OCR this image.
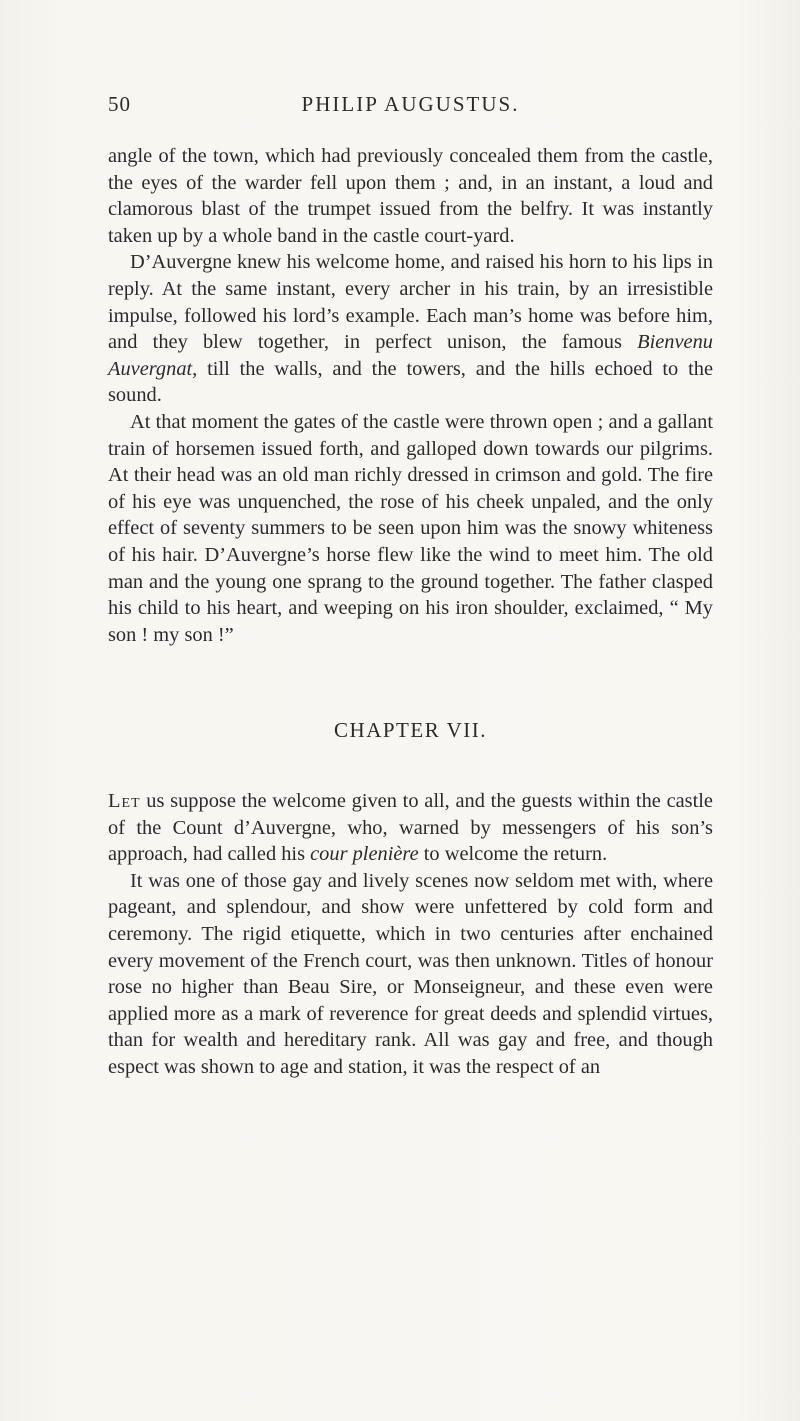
50	PHILIP AUGUSTUS.

angle of the town, which had previously concealed them from the castle, the eyes of the warder fell upon them ; and, in an instant, a loud and clamorous blast of the trumpet issued from the belfry. It was instantly taken up by a whole band in the castle court-yard.

D’Auvergne knew his welcome home, and raised his horn to his lips in reply. At the same instant, every archer in his train, by an irresistible impulse, followed his lord’s example. Each man’s home was before him, and they blew together, in perfect unison, the famous Bienvenu Auvergnat, till the walls, and the towers, and the hills echoed to the sound.

At that moment the gates of the castle were thrown open ; and a gallant train of horsemen issued forth, and galloped down towards our pilgrims. At their head was an old man richly dressed in crimson and gold. The fire of his eye was unquenched, the rose of his cheek unpaled, and the only effect of seventy summers to be seen upon him was the snowy whiteness of his hair. D’Auvergne’s horse flew like the wind to meet him. The old man and the young one sprang to the ground together. The father clasped his child to his heart, and weeping on his iron shoulder, exclaimed, “ My son ! my son !”

CHAPTER VII.

Let us suppose the welcome given to all, and the guests within the castle of the Count d’Auvergne, who, warned by messengers of his son’s approach, had called his cour plenière to welcome the return.

It was one of those gay and lively scenes now seldom met with, where pageant, and splendour, and show were unfettered by cold form and ceremony. The rigid etiquette, which in two centuries after enchained every movement of the French court, was then unknown. Titles of honour rose no higher than Beau Sire, or Monseigneur, and these even were applied more as a mark of reverence for great deeds and splendid virtues, than for wealth and hereditary rank. All was gay and free, and though espect was shown to age and station, it was the respect of an
